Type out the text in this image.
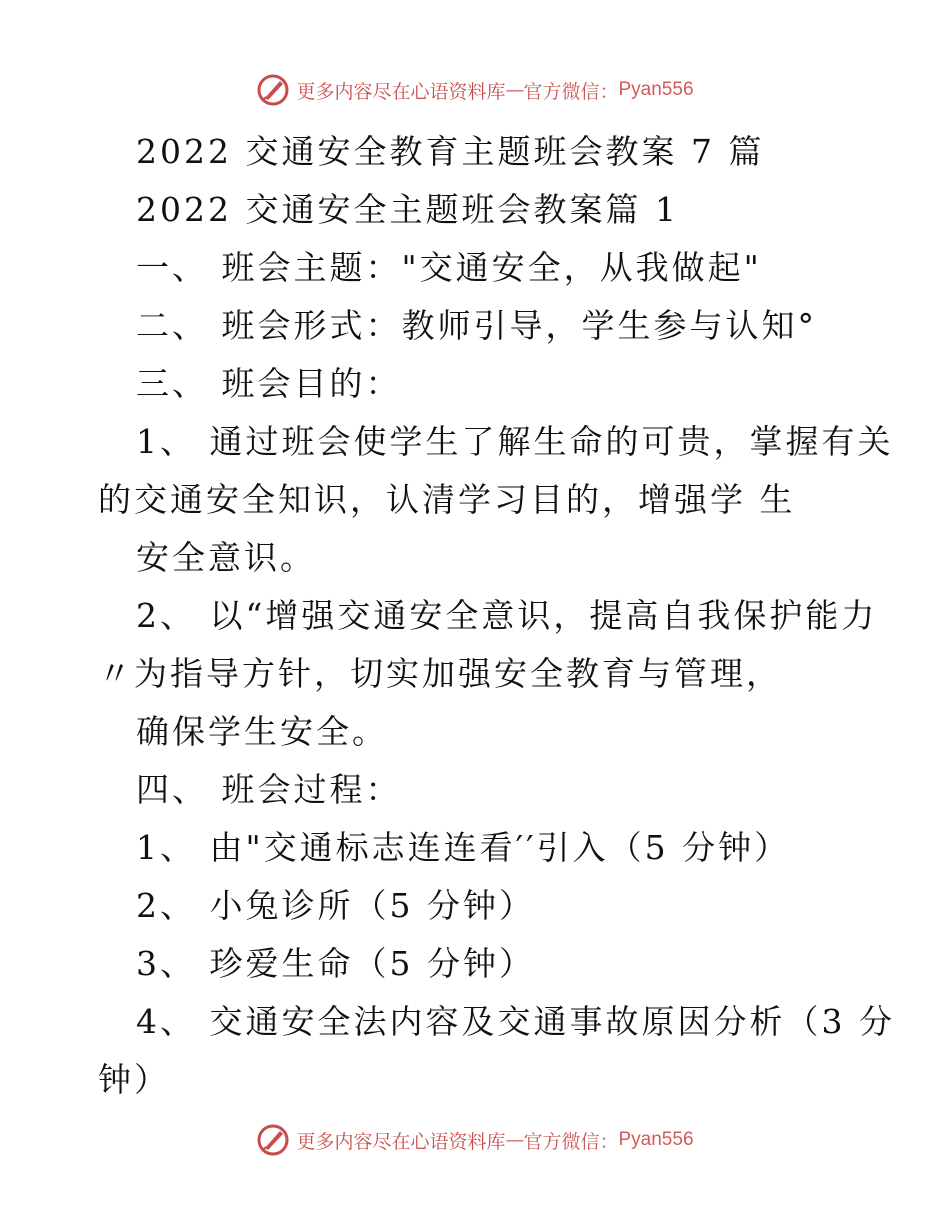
更多内容尽在心语资料库 — 官方微信： Pyan556
2022 交通安全教育主题班会教案 7 篇
2022 交通安全主题班会教案篇 1
一、 班会主题："交通安全，从我做起"
二、 班会形式：教师引导，学生参与认知°
三、 班会目的：
1、 通过班会使学生了解生命的可贵，掌握有关
的交通安全知识，认清学习目的，增强学 生
安全意识。
2、 以“增强交通安全意识，提高自我保护能力
〃为指导方针，切实加强安全教育与管理，
确保学生安全。
四、 班会过程：
1、 由"交通标志连连看′′引入（5 分钟）
2、 小兔诊所（5 分钟）
3、 珍爱生命（5 分钟）
4、 交通安全法内容及交通事故原因分析（3 分
钟）
更多内容尽在心语资料库 — 官方微信： Pyan556
